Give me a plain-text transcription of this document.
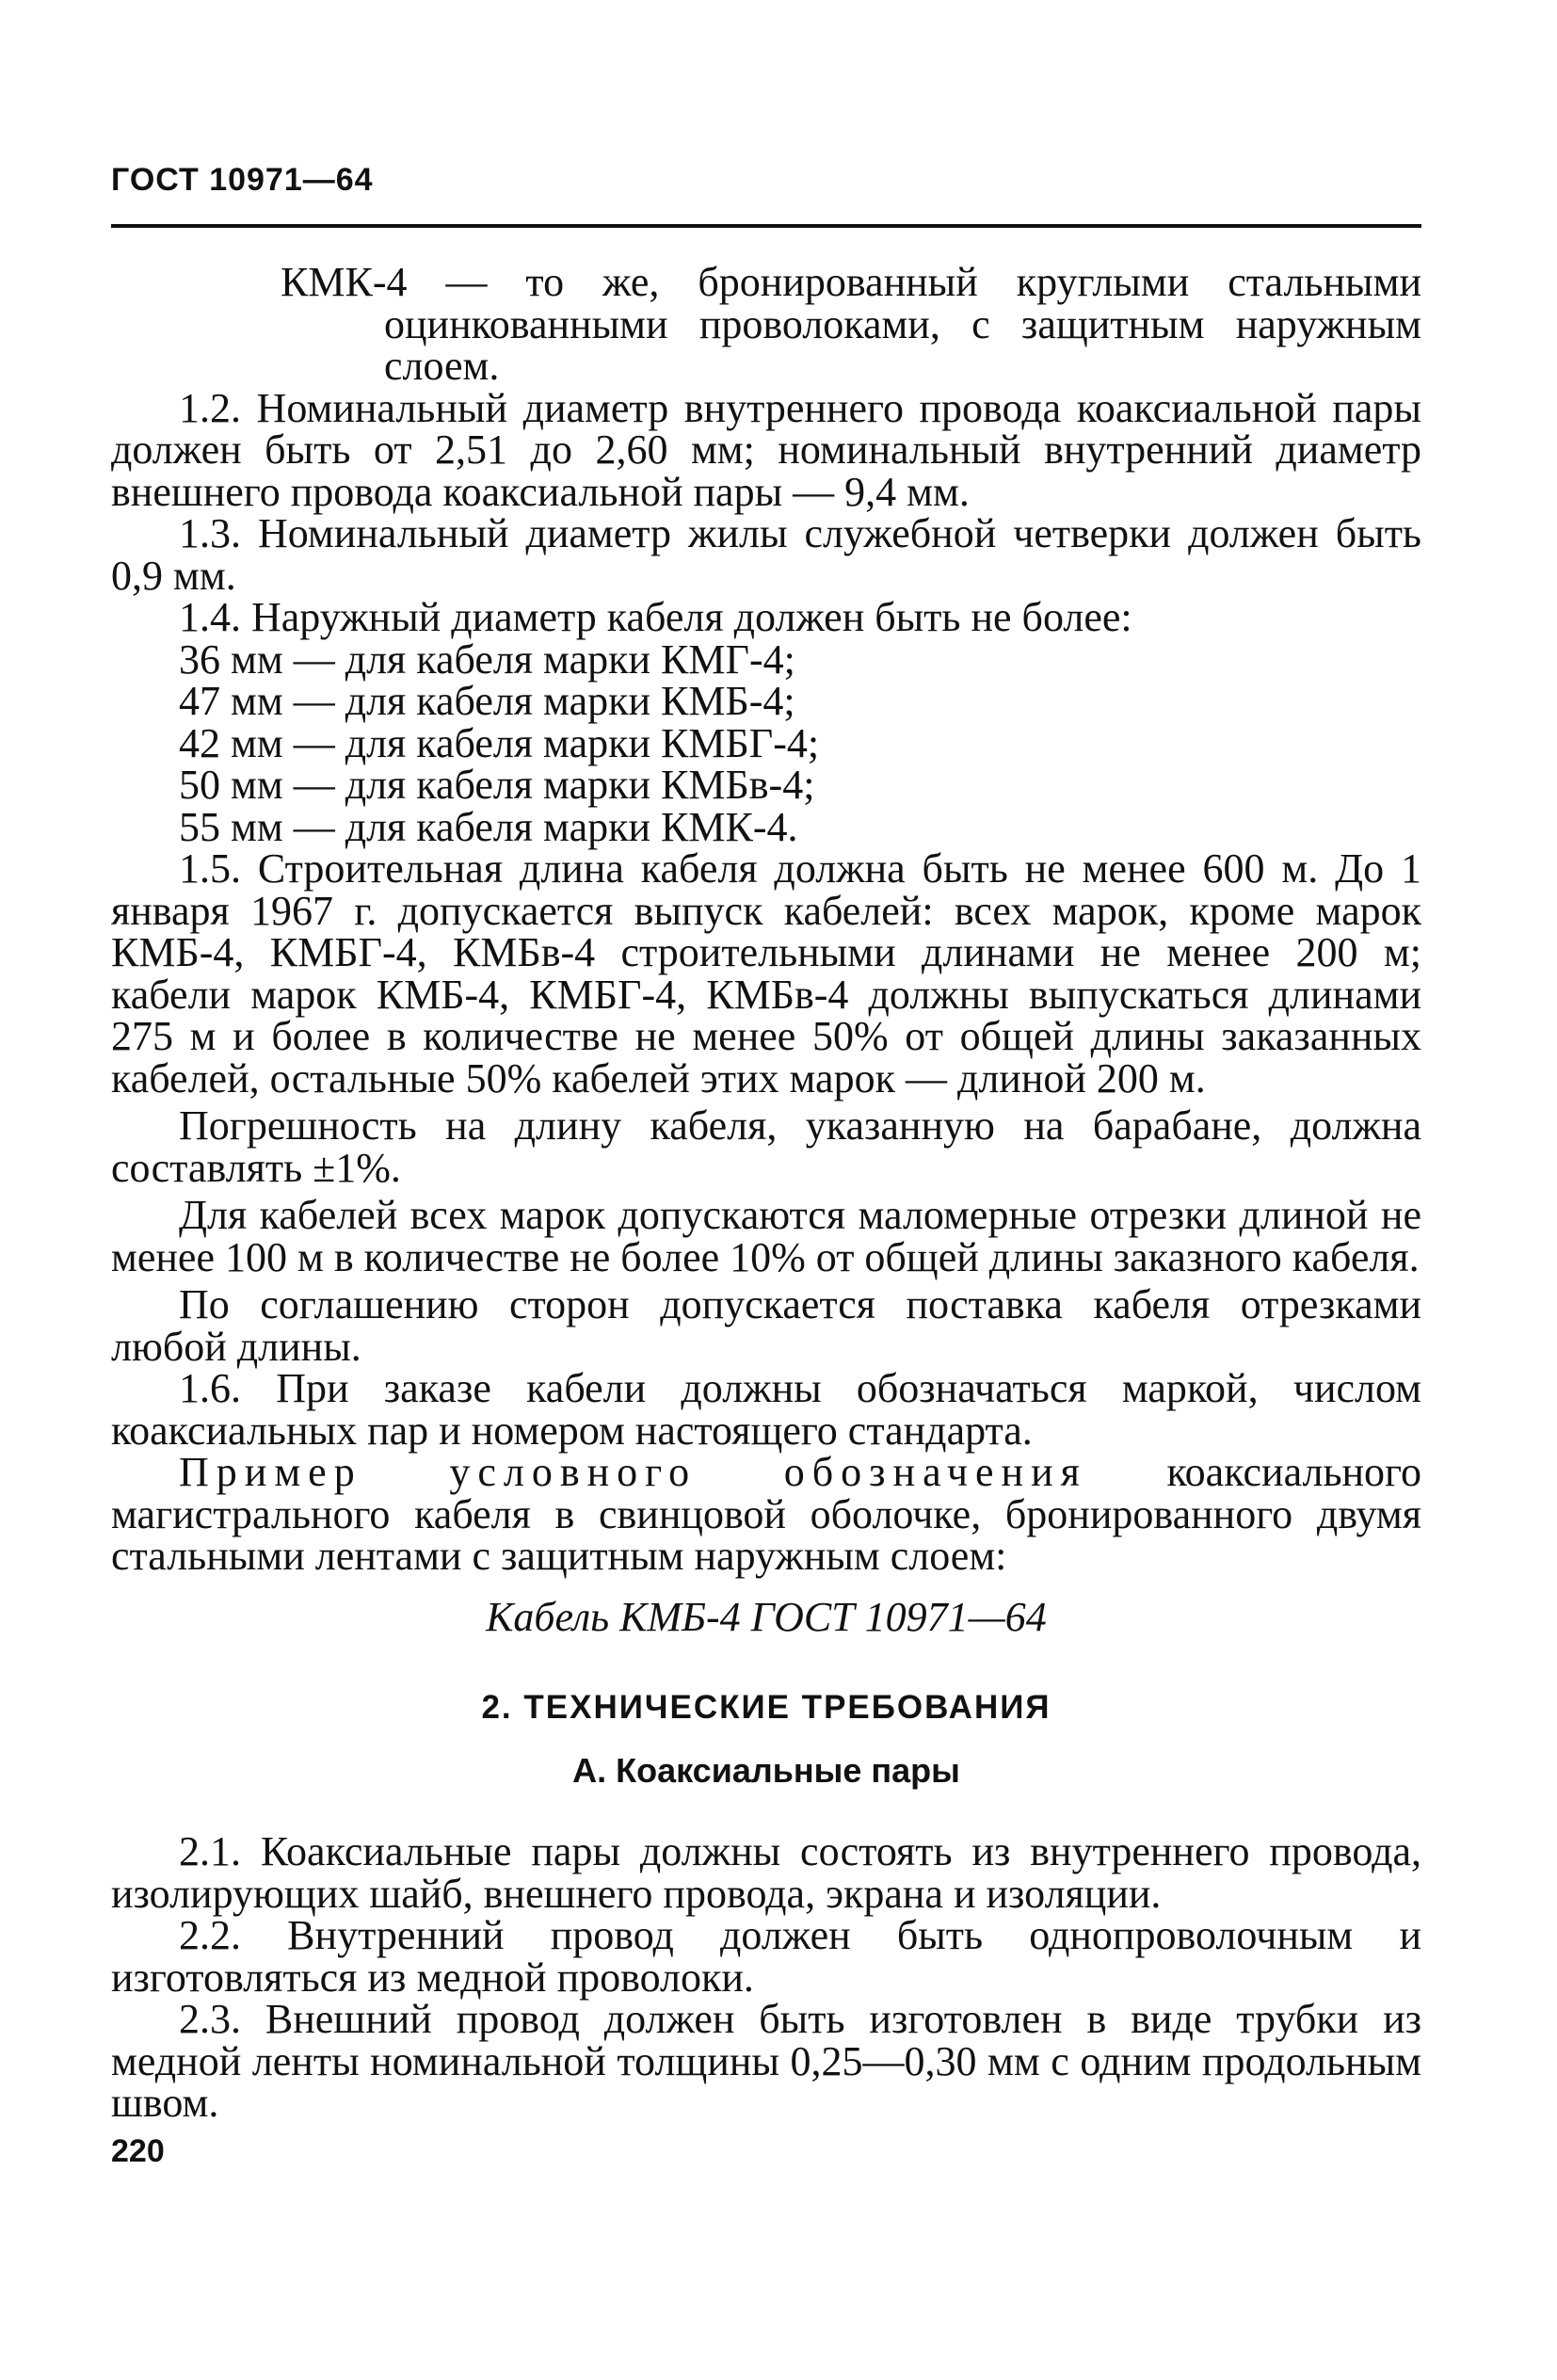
ГОСТ 10971—64

КМК-4 — то же, бронированный круглыми стальными оцинкованными проволоками, с защитным наружным слоем.

1.2. Номинальный диаметр внутреннего провода коаксиальной пары должен быть от 2,51 до 2,60 мм; номинальный внутренний диаметр внешнего провода коаксиальной пары — 9,4 мм.

1.3. Номинальный диаметр жилы служебной четверки должен быть 0,9 мм.

1.4. Наружный диаметр кабеля должен быть не более:

36 мм — для кабеля марки КМГ-4;

47 мм — для кабеля марки КМБ-4;

42 мм — для кабеля марки КМБГ-4;

50 мм — для кабеля марки КМБв-4;

55 мм — для кабеля марки КМК-4.

1.5. Строительная длина кабеля должна быть не менее 600 м. До 1 января 1967 г. допускается выпуск кабелей: всех марок, кроме марок КМБ-4, КМБГ-4, КМБв-4 строительными длинами не менее 200 м; кабели марок КМБ-4, КМБГ-4, КМБв-4 должны выпускаться длинами 275 м и более в количестве не менее 50% от общей длины заказанных кабелей, остальные 50% кабелей этих марок — длиной 200 м.

Погрешность на длину кабеля, указанную на барабане, должна составлять ±1%.

Для кабелей всех марок допускаются маломерные отрезки длиной не менее 100 м в количестве не более 10% от общей длины заказного кабеля.

По соглашению сторон допускается поставка кабеля отрезками любой длины.

1.6. При заказе кабели должны обозначаться маркой, числом коаксиальных пар и номером настоящего стандарта.

Пример условного обозначения коаксиального магистрального кабеля в свинцовой оболочке, бронированного двумя стальными лентами с защитным наружным слоем:

Кабель КМБ-4 ГОСТ 10971—64

2. ТЕХНИЧЕСКИЕ ТРЕБОВАНИЯ

А. Коаксиальные пары

2.1. Коаксиальные пары должны состоять из внутреннего провода, изолирующих шайб, внешнего провода, экрана и изоляции.

2.2. Внутренний провод должен быть однопроволочным и изготовляться из медной проволоки.

2.3. Внешний провод должен быть изготовлен в виде трубки из медной ленты номинальной толщины 0,25—0,30 мм с одним продольным швом.

220
